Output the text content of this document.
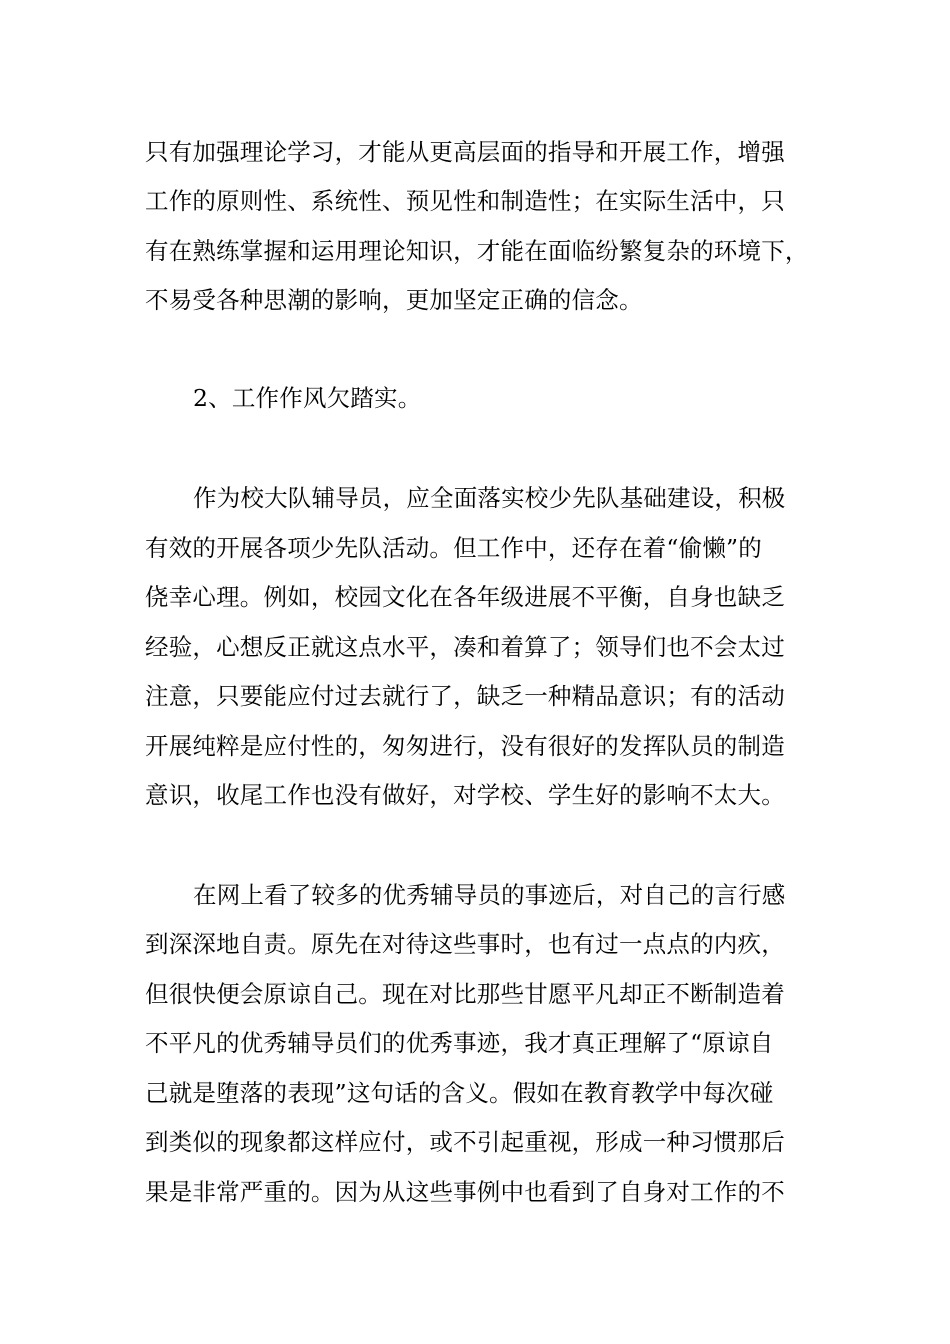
只有加强理论学习，才能从更高层面的指导和开展工作，增强
工作的原则性、系统性、预见性和制造性；在实际生活中，只
有在熟练掌握和运用理论知识，才能在面临纷繁复杂的环境下，
不易受各种思潮的影响，更加坚定正确的信念。
2、工作作风欠踏实。
作为校大队辅导员，应全面落实校少先队基础建设，积极
有效的开展各项少先队活动。但工作中，还存在着“偷懒”的
侥幸心理。例如，校园文化在各年级进展不平衡，自身也缺乏
经验，心想反正就这点水平，凑和着算了；领导们也不会太过
注意，只要能应付过去就行了，缺乏一种精品意识；有的活动
开展纯粹是应付性的，匆匆进行，没有很好的发挥队员的制造
意识，收尾工作也没有做好，对学校、学生好的影响不太大。
在网上看了较多的优秀辅导员的事迹后，对自己的言行感
到深深地自责。原先在对待这些事时，也有过一点点的内疚，
但很快便会原谅自己。现在对比那些甘愿平凡却正不断制造着
不平凡的优秀辅导员们的优秀事迹，我才真正理解了“原谅自
己就是堕落的表现”这句话的含义。假如在教育教学中每次碰
到类似的现象都这样应付，或不引起重视，形成一种习惯那后
果是非常严重的。因为从这些事例中也看到了自身对工作的不
